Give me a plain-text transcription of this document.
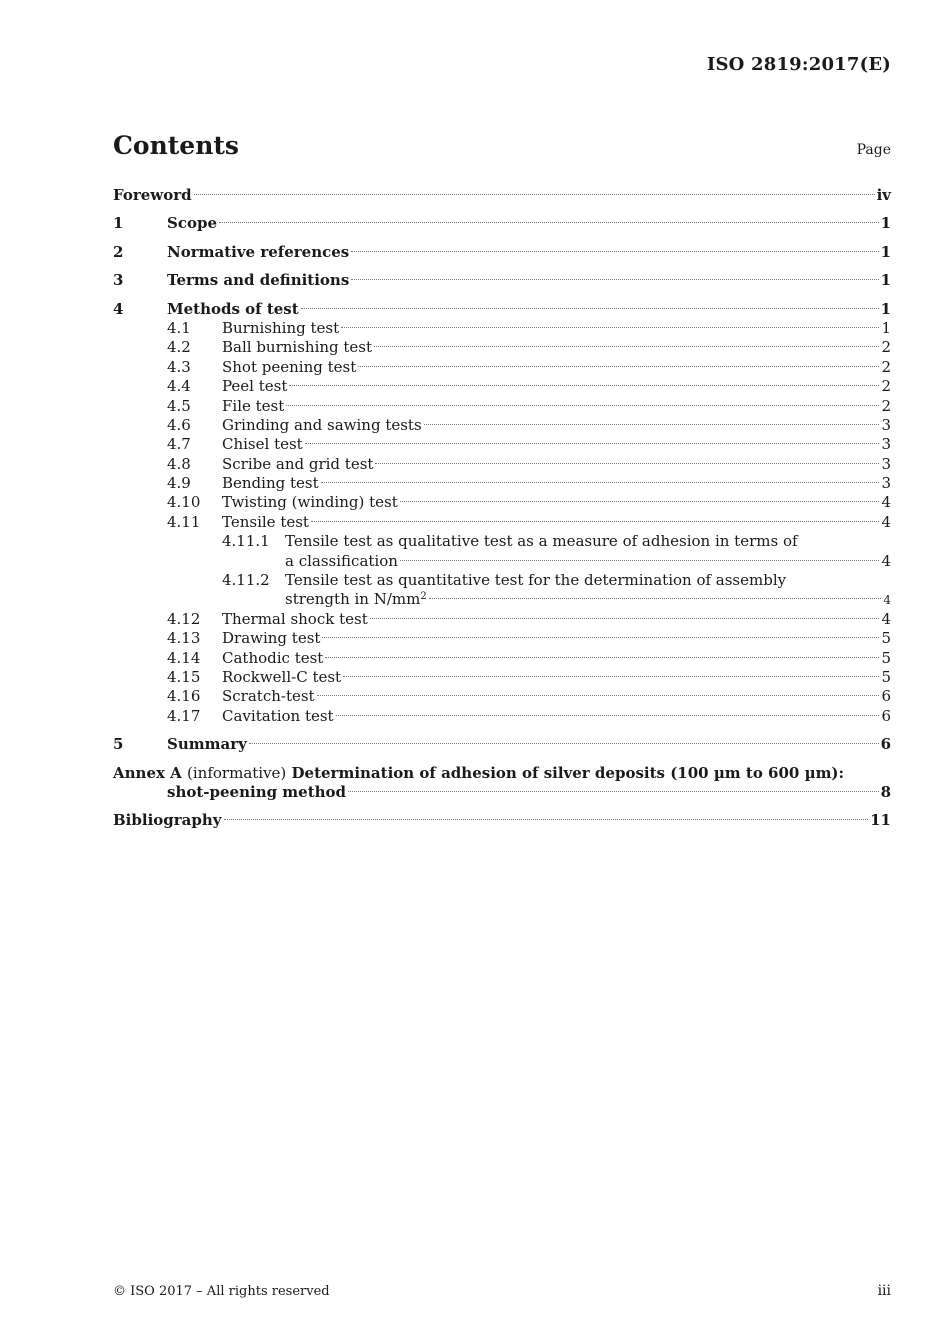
ISO 2819:2017(E)
Contents	Page
Foreword	iv
1	Scope	1
2	Normative references	1
3	Terms and definitions	1
4	Methods of test	1
4.1 Burnishing test	1
4.2 Ball burnishing test	2
4.3 Shot peening test	2
4.4 Peel test	2
4.5 File test	2
4.6 Grinding and sawing tests	3
4.7 Chisel test	3
4.8 Scribe and grid test	3
4.9 Bending test	3
4.10 Twisting (winding) test	4
4.11 Tensile test	4
4.11.1 Tensile test as qualitative test as a measure of adhesion in terms of
a classification	4
4.11.2 Tensile test as quantitative test for the determination of assembly
strength in $N/mm^2$	4
4.12 Thermal shock test	4
4.13 Drawing test	5
4.14 Cathodic test	5
4.15 Rockwell-C test	5
4.16 Scratch-test	6
4.17 Cavitation test	6
5	Summary	6
Annex A (informative) Determination of adhesion of silver deposits (100 µm to 600 µm):
shot-peening method	8
Bibliography	11
© ISO 2017 – All rights reserved	iii
